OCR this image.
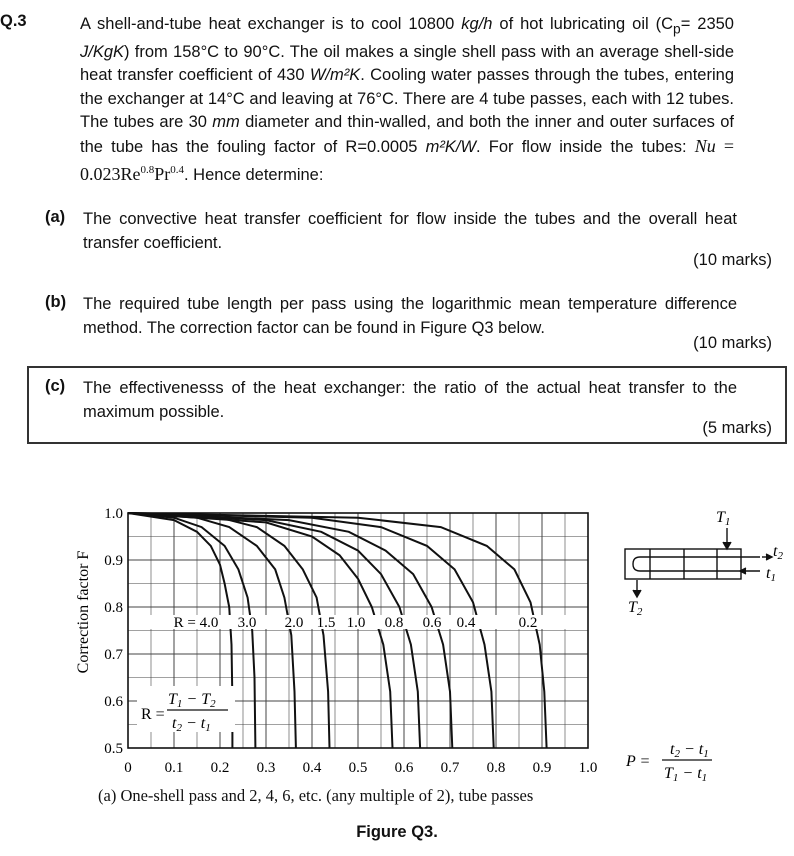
Q.3	A shell-and-tube heat exchanger is to cool 10800 kg/h of hot lubricating oil ($C_p= 2350$ J/KgK) from 158°C to 90°C. The oil makes a single shell pass with an average shell-side heat transfer coefficient of 430 W/m²K. Cooling water passes through the tubes, entering the exchanger at 14°C and leaving at 76°C. There are 4 tube passes, each with 12 tubes. The tubes are 30 mm diameter and thin-walled, and both the inner and outer surfaces of the tube has the fouling factor of R=0.0005 m²K/W. For flow inside the tubes: $Nu = 0.023Re^{0.8}Pr^{0.4}$. Hence determine:
(a) The convective heat transfer coefficient for flow inside the tubes and the overall heat transfer coefficient.
(10 marks)
(b) The required tube length per pass using the logarithmic mean temperature difference method. The correction factor can be found in Figure Q3 below.
(10 marks)
(c) The effectivenesss of the heat exchanger: the ratio of the actual heat transfer to the maximum possible.
(5 marks)
R = 4.0 3.0 2.0 1.5 1.0 0.8 0.6 0.4	0.2
0 0.1 0.2 0.3 0.4 0.5 0.6 0.7 0.8 0.9 1.0
0.5
0.6
0.7
0.8
0.9
1.0
Correction factor F
R =
T1 − T2
t2 − t1
P =
t2 − t1
T1 − t1
T1
T2
t2
t1
(a) One-shell pass and 2, 4, 6, etc. (any multiple of 2), tube passes
Figure Q3.
